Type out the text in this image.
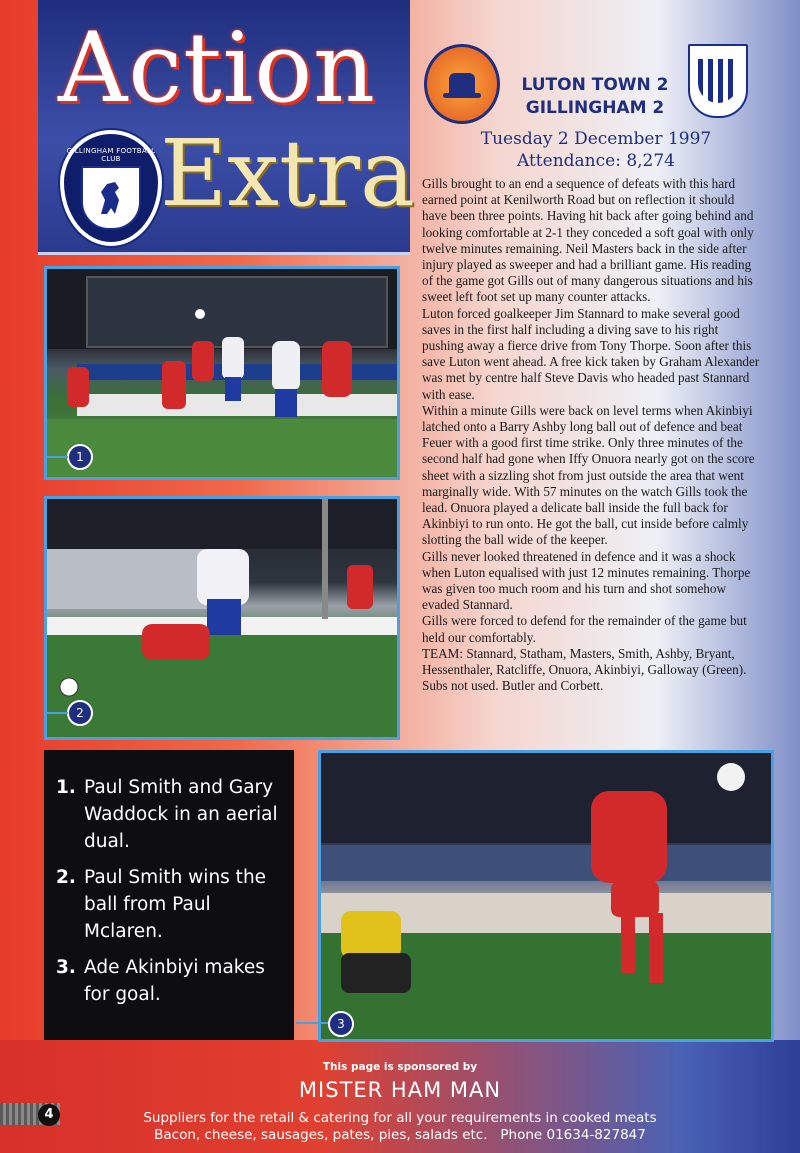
Action
GILLINGHAM FOOTBALL CLUB Extra
LUTON TOWN 2
GILLINGHAM 2
Tuesday 2 December 1997
Attendance: 8,274

Gills brought to an end a sequence of defeats with this hard earned point at Kenilworth Road but on reflection it should have been three points. Having hit back after going behind and looking comfortable at 2-1 they conceded a soft goal with only twelve minutes remaining. Neil Masters back in the side after injury played as sweeper and had a brilliant game. His reading of the game got Gills out of many dangerous situations and his sweet left foot set up many counter attacks.

Luton forced goalkeeper Jim Stannard to make several good saves in the first half including a diving save to his right pushing away a fierce drive from Tony Thorpe. Soon after this save Luton went ahead. A free kick taken by Graham Alexander was met by centre half Steve Davis who headed past Stannard with ease.

Within a minute Gills were back on level terms when Akinbiyi latched onto a Barry Ashby long ball out of defence and beat Feuer with a good first time strike. Only three minutes of the second half had gone when Iffy Onuora nearly got on the score sheet with a sizzling shot from just outside the area that went marginally wide. With 57 minutes on the watch Gills took the lead. Onuora played a delicate ball inside the full back for Akinbiyi to run onto. He got the ball, cut inside before calmly slotting the ball wide of the keeper.

Gills never looked threatened in defence and it was a shock when Luton equalised with just 12 minutes remaining. Thorpe was given too much room and his turn and shot somehow evaded Stannard.

Gills were forced to defend for the remainder of the game but held our comfortably.

TEAM: Stannard, Statham, Masters, Smith, Ashby, Bryant, Hessenthaler, Ratcliffe, Onuora, Akinbiyi, Galloway (Green). Subs not used. Butler and Corbett.

1
2
1. Paul Smith and Gary Waddock in an aerial dual.
2. Paul Smith wins the ball from Paul Mclaren.
3. Ade Akinbiyi makes for goal.
3
This page is sponsored by
MISTER HAM MAN
Suppliers for the retail & catering for all your requirements in cooked meats
Bacon, cheese, sausages, pates, pies, salads etc.   Phone 01634-827847
4
